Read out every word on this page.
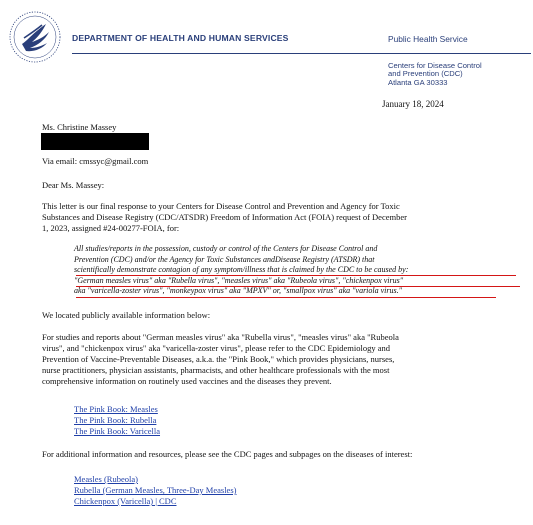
DEPARTMENT OF HEALTH AND HUMAN SERVICES	Public Health Service
Centers for Disease Control
and Prevention (CDC)
Atlanta GA 30333
January 18, 2024
Ms. Christine Massey
Via email: cmssyc@gmail.com
Dear Ms. Massey:
This letter is our final response to your Centers for Disease Control and Prevention and Agency for Toxic
Substances and Disease Registry (CDC/ATSDR) Freedom of Information Act (FOIA) request of December
1, 2023, assigned #24-00277-FOIA, for:
All studies/reports in the possession, custody or control of the Centers for Disease Control and
Prevention (CDC) and/or the Agency for Toxic Substances andDisease Registry (ATSDR) that
scientifically demonstrate contagion of any symptom/illness that is claimed by the CDC to be caused by:
"German measles virus" aka "Rubella virus", "measles virus" aka "Rubeola virus", "chickenpox virus"
aka "varicella-zoster virus", "monkeypox virus" aka "MPXV" or, "smallpox virus" aka "variola virus."
We located publicly available information below:
For studies and reports about "German measles virus" aka "Rubella virus", "measles virus" aka "Rubeola
virus", and "chickenpox virus" aka "varicella-zoster virus", please refer to the CDC Epidemiology and
Prevention of Vaccine-Preventable Diseases, a.k.a. the "Pink Book," which provides physicians, nurses,
nurse practitioners, physician assistants, pharmacists, and other healthcare professionals with the most
comprehensive information on routinely used vaccines and the diseases they prevent.
The Pink Book: Measles
The Pink Book: Rubella
The Pink Book: Varicella
For additional information and resources, please see the CDC pages and subpages on the diseases of interest:
Measles (Rubeola)
Rubella (German Measles, Three-Day Measles)
Chickenpox (Varicella) | CDC
